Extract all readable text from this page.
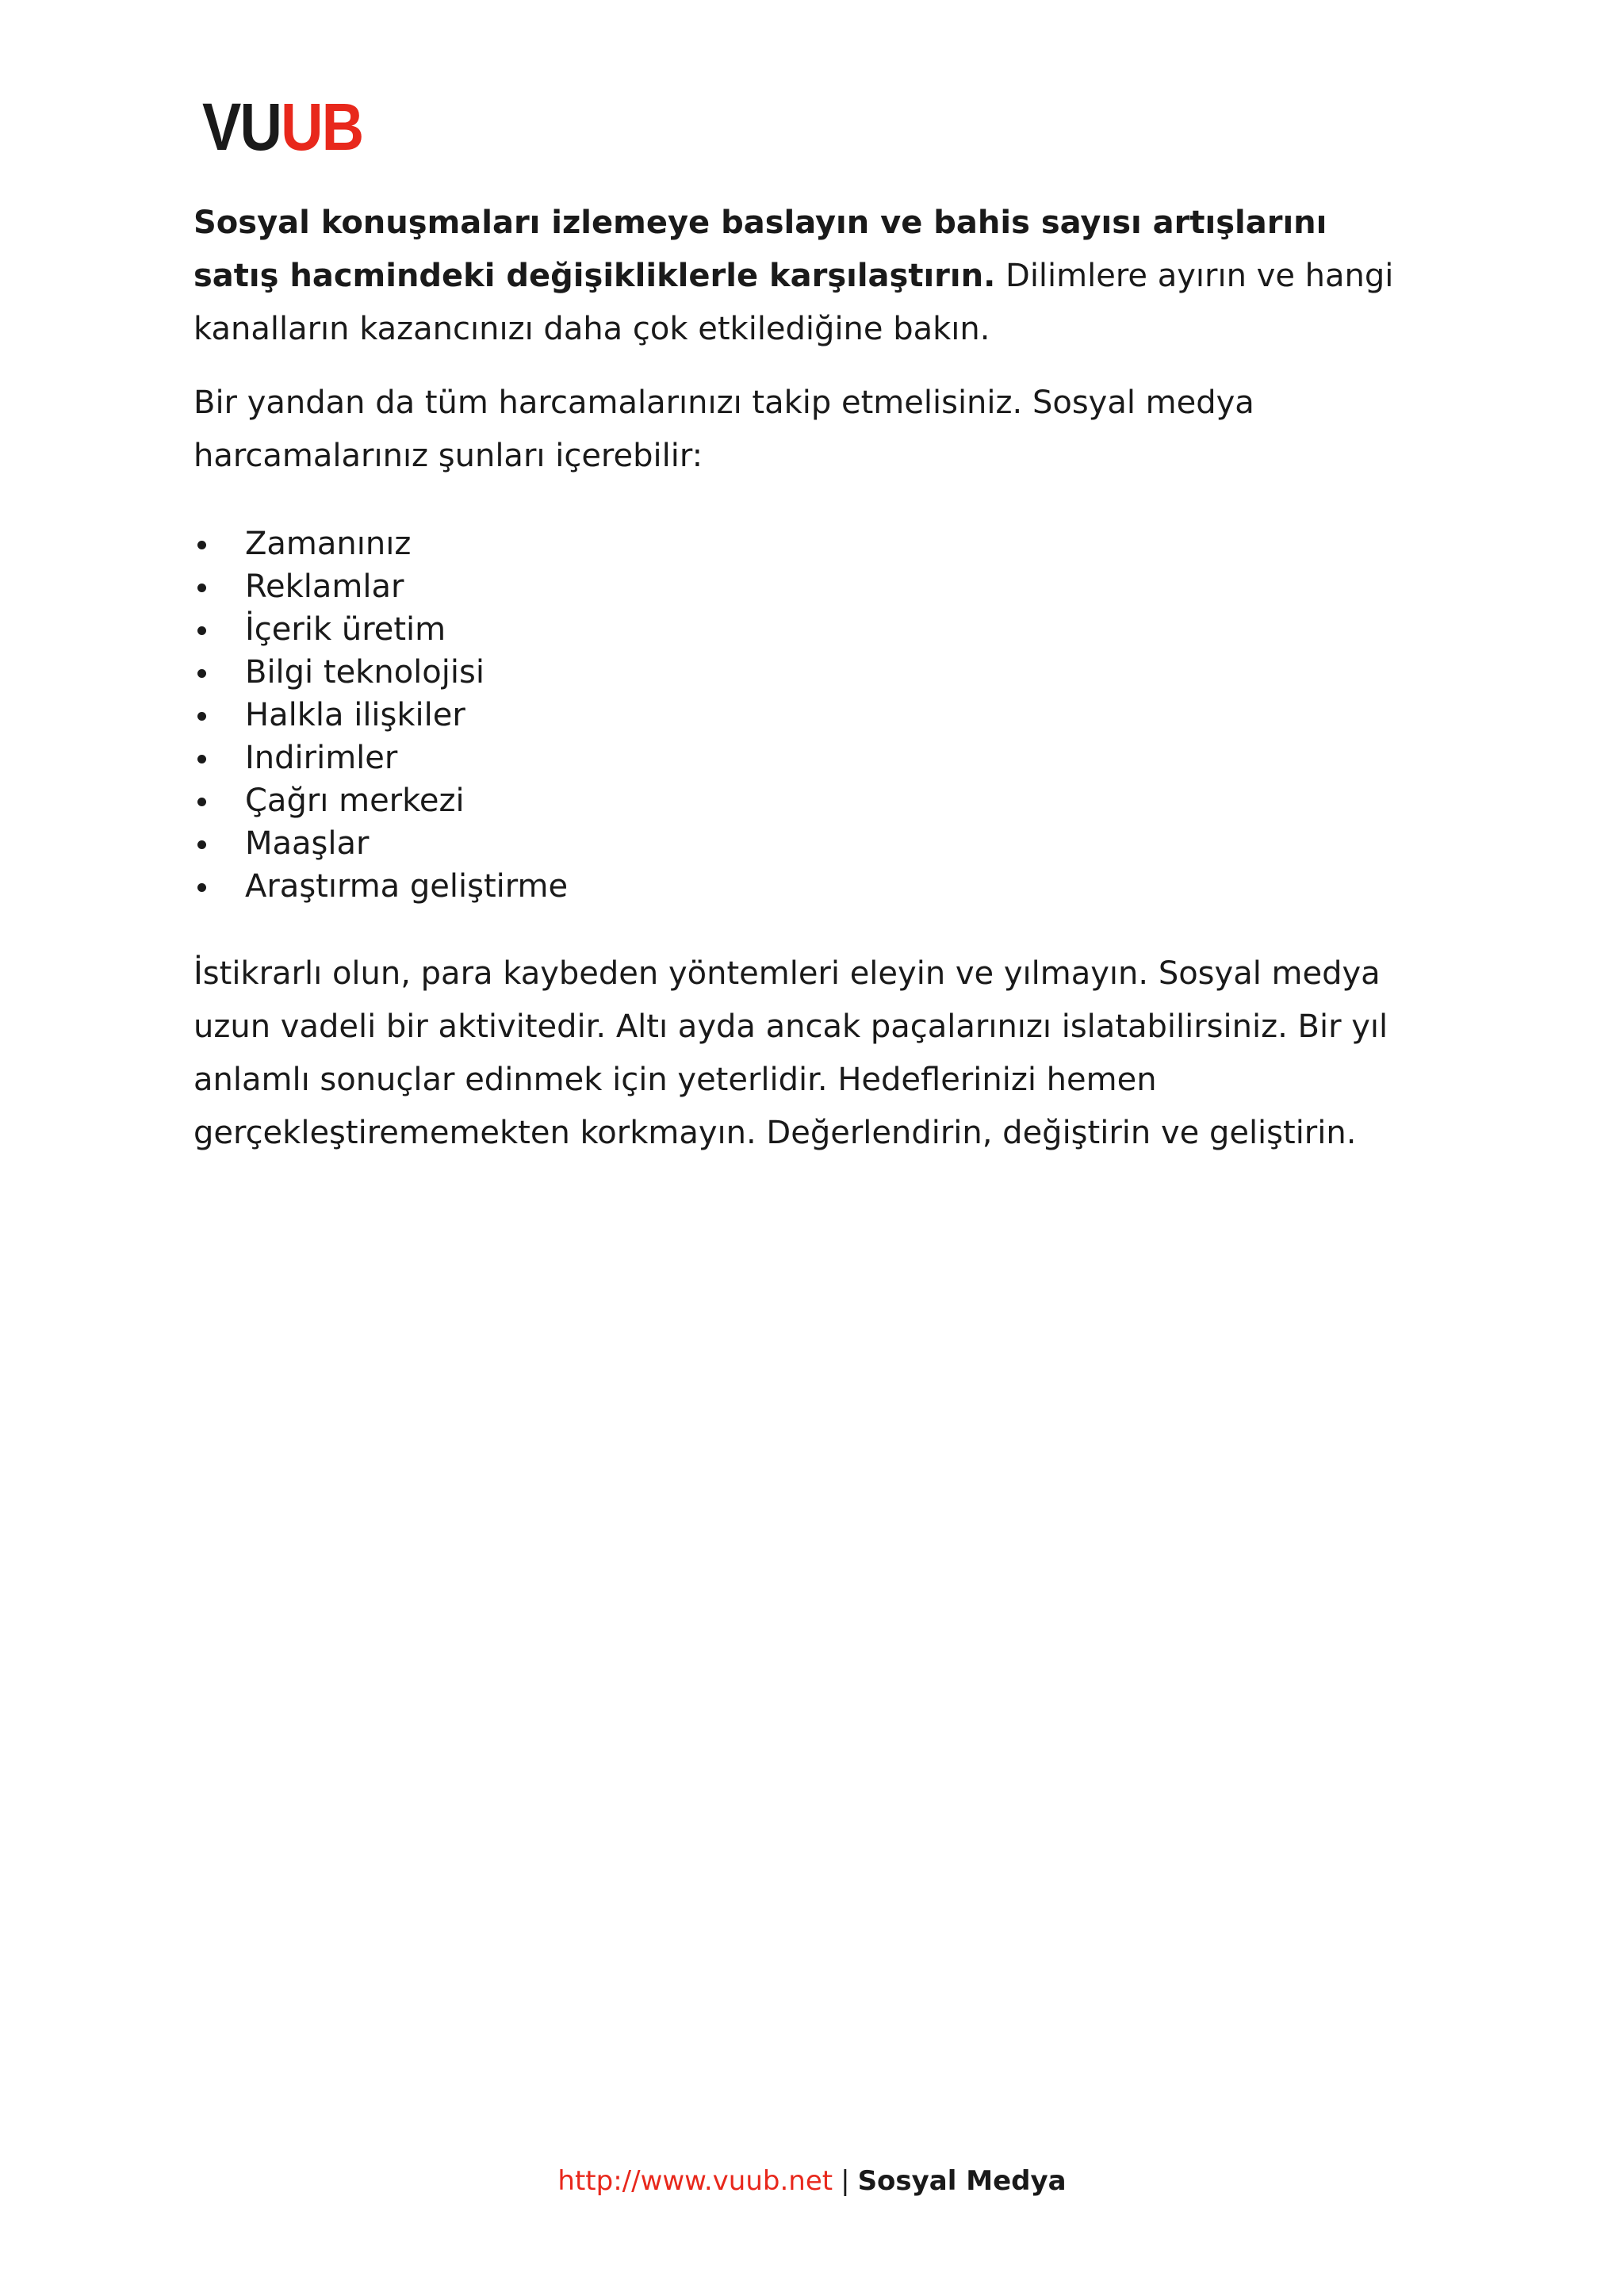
VUUB

Sosyal konuşmaları izlemeye baslayın ve bahis sayısı artışlarını satış hacmindeki değişikliklerle karşılaştırın. Dilimlere ayırın ve hangi kanalların kazancınızı daha çok etkilediğine bakın.

Bir yandan da tüm harcamalarınızı takip etmelisiniz. Sosyal medya harcamalarınız şunları içerebilir:

Zamanınız
Reklamlar
İçerik üretim
Bilgi teknolojisi
Halkla ilişkiler
Indirimler
Çağrı merkezi
Maaşlar
Araştırma geliştirme

İstikrarlı olun, para kaybeden yöntemleri eleyin ve yılmayın. Sosyal medya uzun vadeli bir aktivitedir. Altı ayda ancak paçalarınızı islatabilirsiniz. Bir yıl anlamlı sonuçlar edinmek için yeterlidir. Hedeflerinizi hemen gerçekleştirememekten korkmayın. Değerlendirin, değiştirin ve geliştirin.

http://www.vuub.net | Sosyal Medya
